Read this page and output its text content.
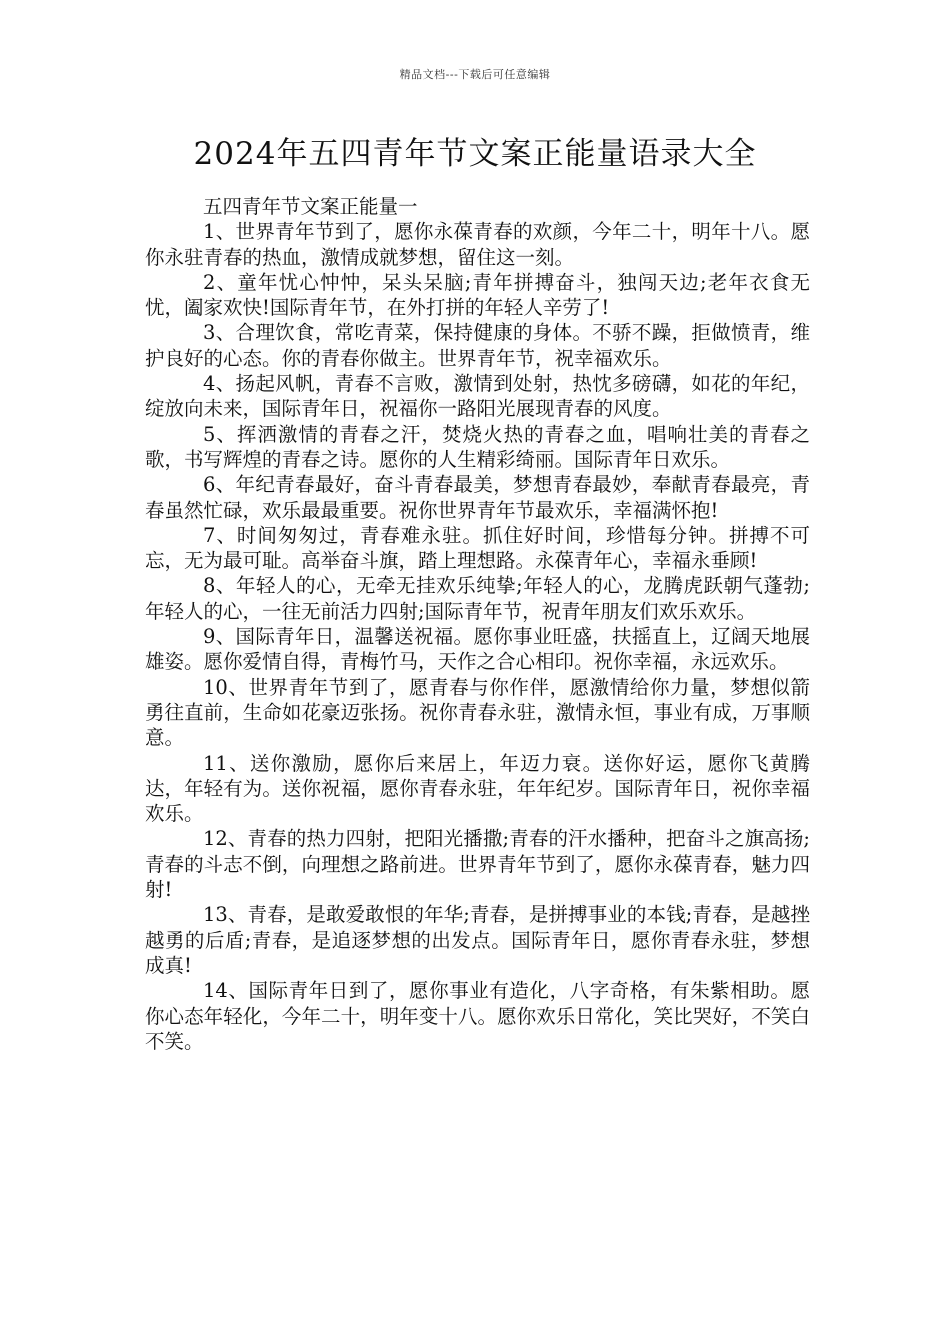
精品文档---下载后可任意编辑
2024年五四青年节文案正能量语录大全

五四青年节文案正能量一

1、世界青年节到了，愿你永葆青春的欢颜，今年二十，明年十八。愿你永驻青春的热血，激情成就梦想，留住这一刻。

2、童年忧心忡忡，呆头呆脑;青年拼搏奋斗，独闯天边;老年衣食无忧，阖家欢快!国际青年节，在外打拼的年轻人辛劳了!

3、合理饮食，常吃青菜，保持健康的身体。不骄不躁，拒做愤青，维护良好的心态。你的青春你做主。世界青年节，祝幸福欢乐。

4、扬起风帆，青春不言败，激情到处射，热忱多磅礴，如花的年纪，绽放向未来，国际青年日，祝福你一路阳光展现青春的风度。

5、挥洒激情的青春之汗，焚烧火热的青春之血，唱响壮美的青春之歌，书写辉煌的青春之诗。愿你的人生精彩绮丽。国际青年日欢乐。

6、年纪青春最好，奋斗青春最美，梦想青春最妙，奉献青春最亮，青春虽然忙碌，欢乐最最重要。祝你世界青年节最欢乐，幸福满怀抱!

7、时间匆匆过，青春难永驻。抓住好时间，珍惜每分钟。拼搏不可忘，无为最可耻。高举奋斗旗，踏上理想路。永葆青年心，幸福永垂顾!

8、年轻人的心，无牵无挂欢乐纯挚;年轻人的心，龙腾虎跃朝气蓬勃;年轻人的心，一往无前活力四射;国际青年节，祝青年朋友们欢乐欢乐。

9、国际青年日，温馨送祝福。愿你事业旺盛，扶摇直上，辽阔天地展雄姿。愿你爱情自得，青梅竹马，天作之合心相印。祝你幸福，永远欢乐。

10、世界青年节到了，愿青春与你作伴，愿激情给你力量，梦想似箭勇往直前，生命如花豪迈张扬。祝你青春永驻，激情永恒，事业有成，万事顺意。

11、送你激励，愿你后来居上，年迈力衰。送你好运，愿你飞黄腾达，年轻有为。送你祝福，愿你青春永驻，年年纪岁。国际青年日，祝你幸福欢乐。

12、青春的热力四射，把阳光播撒;青春的汗水播种，把奋斗之旗高扬;青春的斗志不倒，向理想之路前进。世界青年节到了，愿你永葆青春，魅力四射!

13、青春，是敢爱敢恨的年华;青春，是拼搏事业的本钱;青春，是越挫越勇的后盾;青春，是追逐梦想的出发点。国际青年日，愿你青春永驻，梦想成真!

14、国际青年日到了，愿你事业有造化，八字奇格，有朱紫相助。愿你心态年轻化，今年二十，明年变十八。愿你欢乐日常化，笑比哭好，不笑白不笑。
